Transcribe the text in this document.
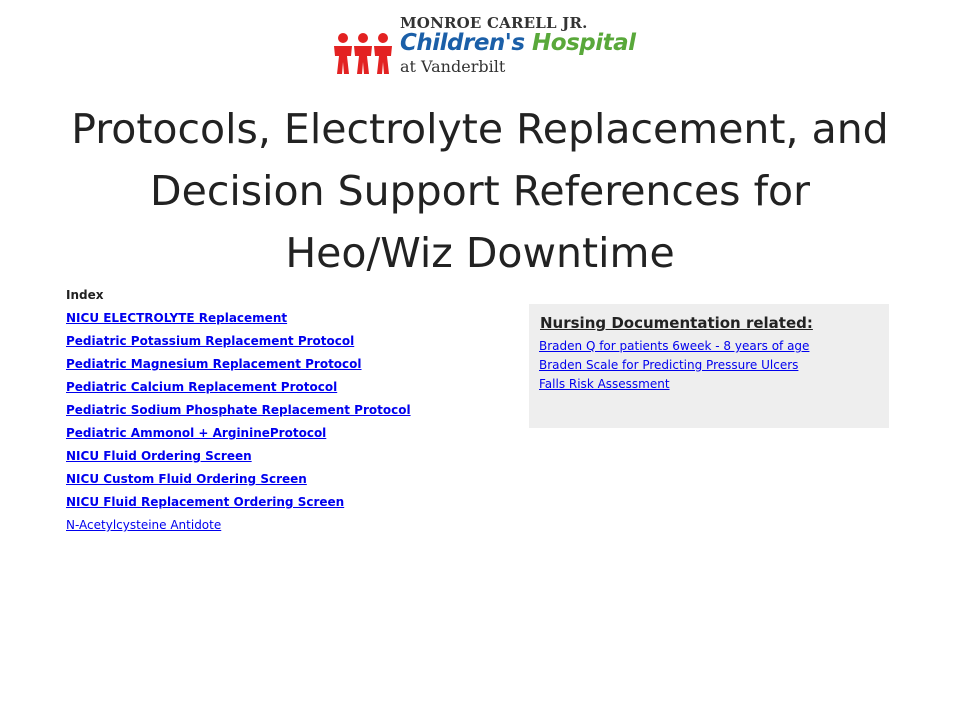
MONROE CARELL JR.
Children's Hospital
at Vanderbilt
Protocols, Electrolyte Replacement, and Decision Support References for Heo/Wiz Downtime
Index
NICU ELECTROLYTE Replacement
Pediatric Potassium Replacement Protocol
Pediatric Magnesium Replacement Protocol
Pediatric Calcium Replacement Protocol
Pediatric Sodium Phosphate Replacement Protocol
Pediatric Ammonol + ArginineProtocol
NICU Fluid Ordering Screen
NICU Custom Fluid Ordering Screen
NICU Fluid Replacement Ordering Screen
N-Acetylcysteine Antidote
Nursing Documentation related:
Braden Q for patients 6week - 8 years of age
Braden Scale for Predicting Pressure Ulcers
Falls Risk Assessment
